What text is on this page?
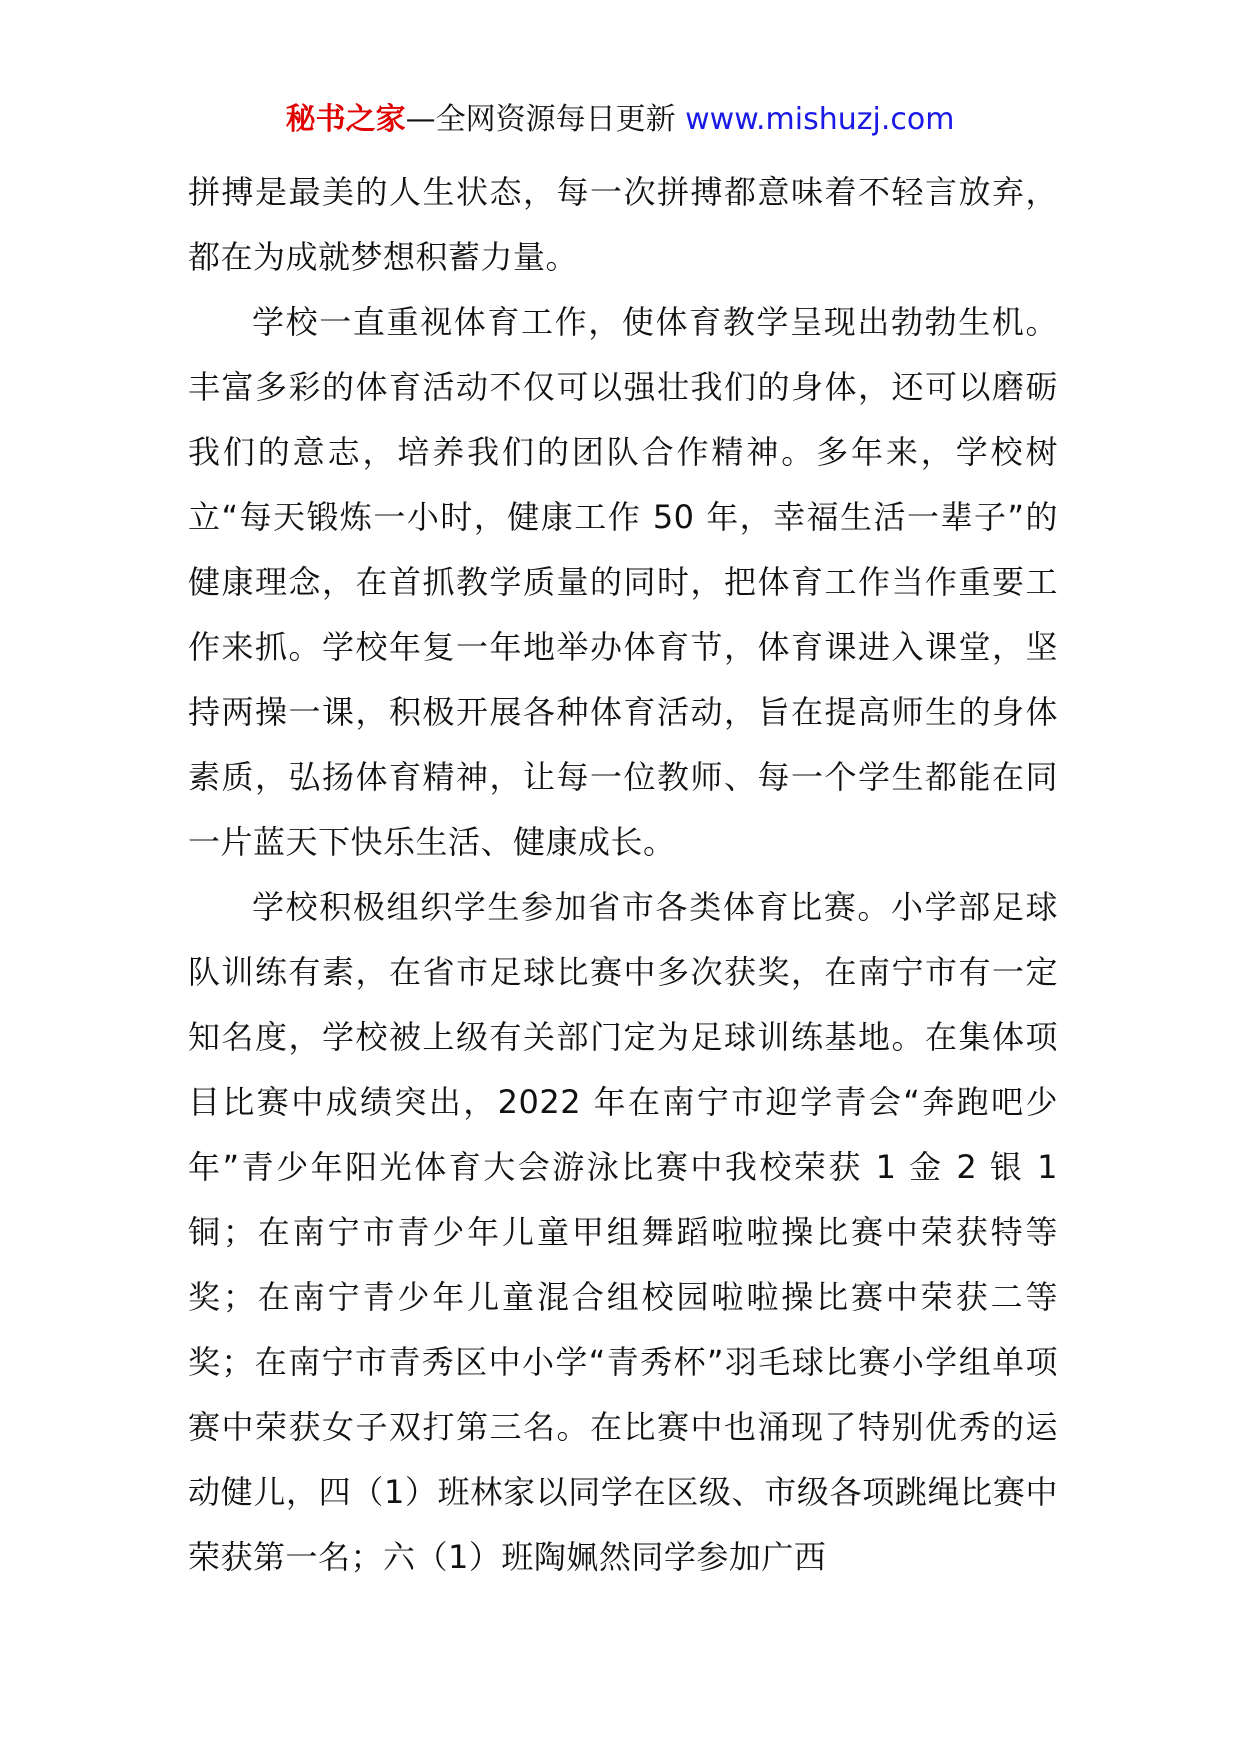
秘书之家—全网资源每日更新 www.mishuzj.com

拼搏是最美的人生状态，每一次拼搏都意味着不轻言放弃，都在为成就梦想积蓄力量。

学校一直重视体育工作，使体育教学呈现出勃勃生机。丰富多彩的体育活动不仅可以强壮我们的身体，还可以磨砺我们的意志，培养我们的团队合作精神。多年来，学校树立“每天锻炼一小时，健康工作 50 年，幸福生活一辈子”的健康理念，在首抓教学质量的同时，把体育工作当作重要工作来抓。学校年复一年地举办体育节，体育课进入课堂，坚持两操一课，积极开展各种体育活动，旨在提高师生的身体素质，弘扬体育精神，让每一位教师、每一个学生都能在同一片蓝天下快乐生活、健康成长。

学校积极组织学生参加省市各类体育比赛。小学部足球队训练有素，在省市足球比赛中多次获奖，在南宁市有一定知名度，学校被上级有关部门定为足球训练基地。在集体项目比赛中成绩突出，2022 年在南宁市迎学青会“奔跑吧少年”青少年阳光体育大会游泳比赛中我校荣获 1 金 2 银 1 铜；在南宁市青少年儿童甲组舞蹈啦啦操比赛中荣获特等奖；在南宁青少年儿童混合组校园啦啦操比赛中荣获二等奖；在南宁市青秀区中小学“青秀杯”羽毛球比赛小学组单项赛中荣获女子双打第三名。在比赛中也涌现了特别优秀的运动健儿，四（1）班林家以同学在区级、市级各项跳绳比赛中荣获第一名；六（1）班陶姵然同学参加广西
